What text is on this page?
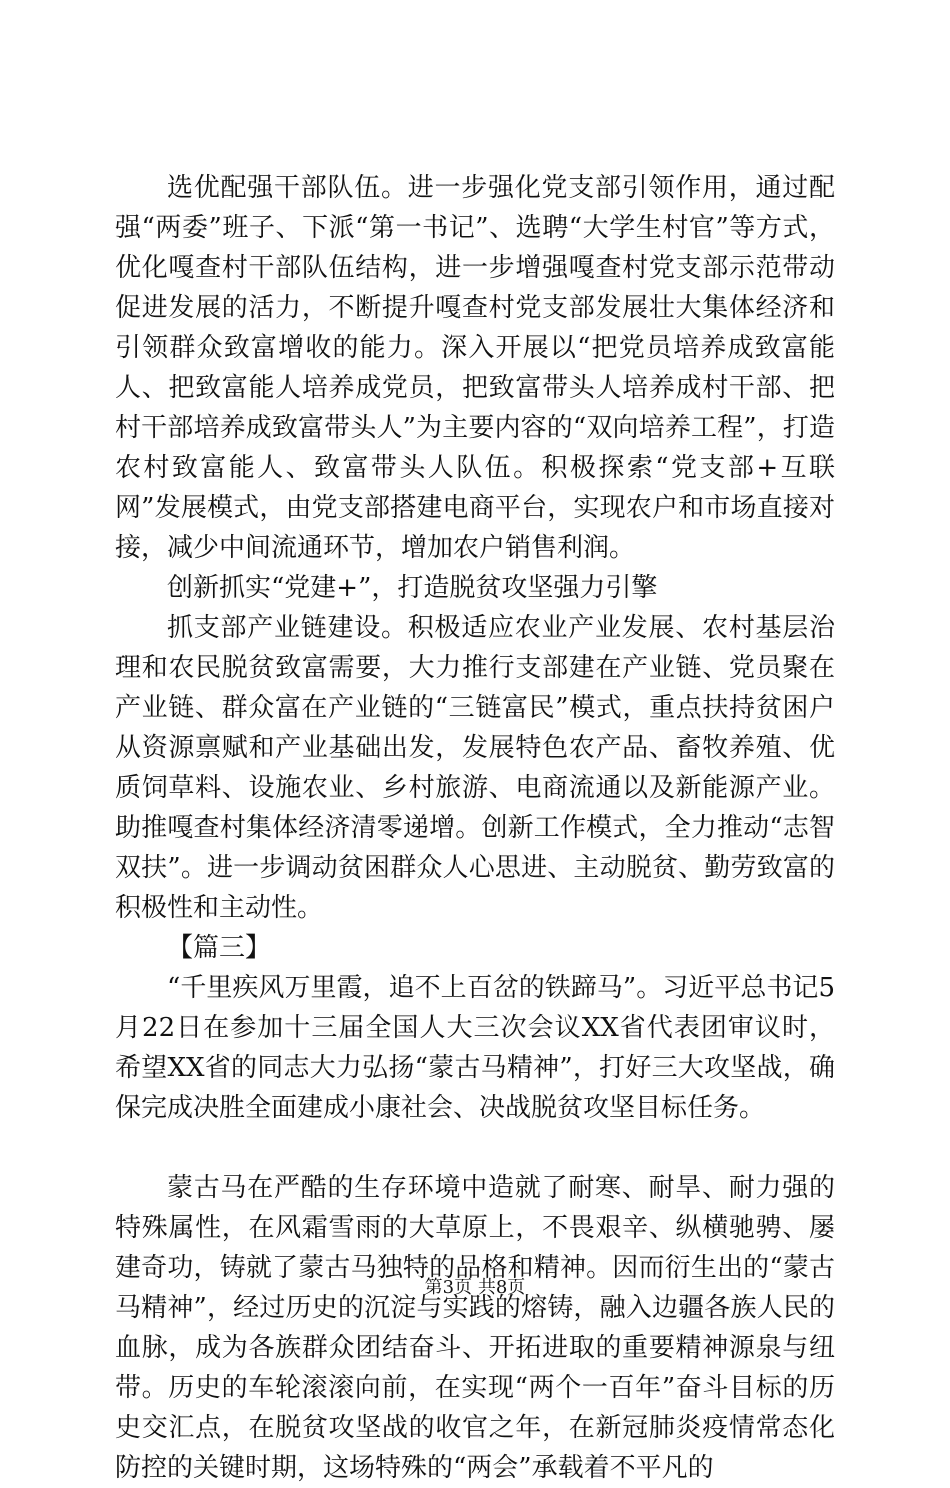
选优配强干部队伍。进一步强化党支部引领作用，通过配强“两委”班子、下派“第一书记”、选聘“大学生村官”等方式，优化嘎查村干部队伍结构，进一步增强嘎查村党支部示范带动促进发展的活力，不断提升嘎查村党支部发展壮大集体经济和引领群众致富增收的能力。深入开展以“把党员培养成致富能人、把致富能人培养成党员，把致富带头人培养成村干部、把村干部培养成致富带头人”为主要内容的“双向培养工程”，打造农村致富能人、致富带头人队伍。积极探索“党支部+互联网”发展模式，由党支部搭建电商平台，实现农户和市场直接对接，减少中间流通环节，增加农户销售利润。

创新抓实“党建+”，打造脱贫攻坚强力引擎

抓支部产业链建设。积极适应农业产业发展、农村基层治理和农民脱贫致富需要，大力推行支部建在产业链、党员聚在产业链、群众富在产业链的“三链富民”模式，重点扶持贫困户从资源禀赋和产业基础出发，发展特色农产品、畜牧养殖、优质饲草料、设施农业、乡村旅游、电商流通以及新能源产业。助推嘎查村集体经济清零递增。创新工作模式，全力推动“志智双扶”。进一步调动贫困群众人心思进、主动脱贫、勤劳致富的积极性和主动性。

【篇三】

“千里疾风万里霞，追不上百岔的铁蹄马”。习近平总书记5月22日在参加十三届全国人大三次会议XX省代表团审议时，希望XX省的同志大力弘扬“蒙古马精神”，打好三大攻坚战，确保完成决胜全面建成小康社会、决战脱贫攻坚目标任务。

蒙古马在严酷的生存环境中造就了耐寒、耐旱、耐力强的特殊属性，在风霜雪雨的大草原上，不畏艰辛、纵横驰骋、屡建奇功，铸就了蒙古马独特的品格和精神。因而衍生出的“蒙古马精神”，经过历史的沉淀与实践的熔铸，融入边疆各族人民的血脉，成为各族群众团结奋斗、开拓进取的重要精神源泉与纽带。历史的车轮滚滚向前，在实现“两个一百年”奋斗目标的历史交汇点，在脱贫攻坚战的收官之年，在新冠肺炎疫情常态化防控的关键时期，这场特殊的“两会”承载着不平凡的

第3页 共8页
